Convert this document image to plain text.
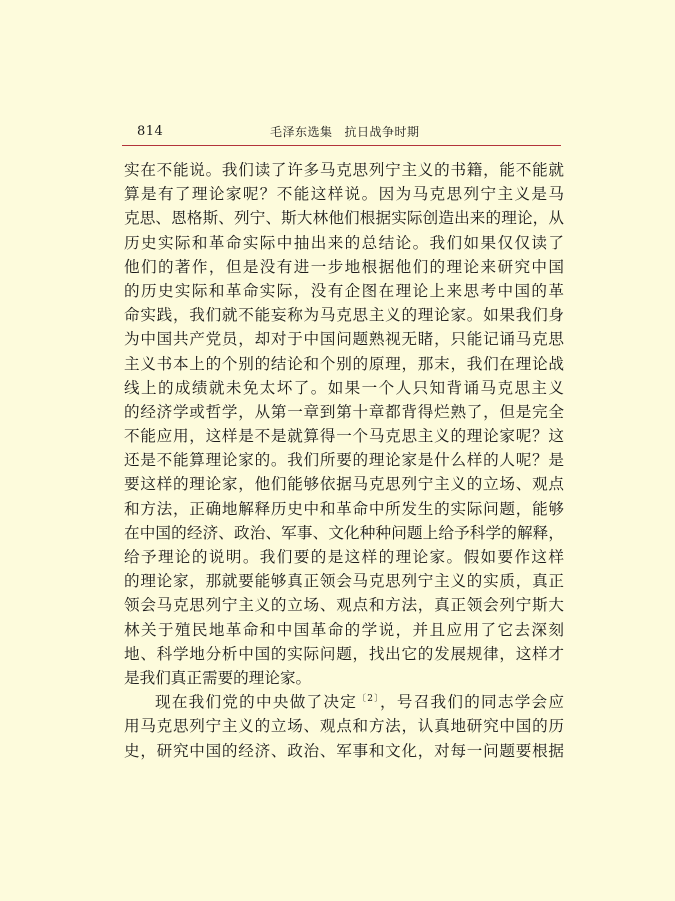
814	毛泽东选集 抗日战争时期
实在不能说。我们读了许多马克思列宁主义的书籍，能不能就
算是有了理论家呢？不能这样说。因为马克思列宁主义是马
克思、恩格斯、列宁、斯大林他们根据实际创造出来的理论，从
历史实际和革命实际中抽出来的总结论。我们如果仅仅读了
他们的著作，但是没有进一步地根据他们的理论来研究中国
的历史实际和革命实际，没有企图在理论上来思考中国的革
命实践，我们就不能妄称为马克思主义的理论家。如果我们身
为中国共产党员，却对于中国问题熟视无睹，只能记诵马克思
主义书本上的个别的结论和个别的原理，那末，我们在理论战
线上的成绩就未免太坏了。如果一个人只知背诵马克思主义
的经济学或哲学，从第一章到第十章都背得烂熟了，但是完全
不能应用，这样是不是就算得一个马克思主义的理论家呢？这
还是不能算理论家的。我们所要的理论家是什么样的人呢？是
要这样的理论家，他们能够依据马克思列宁主义的立场、观点
和方法，正确地解释历史中和革命中所发生的实际问题，能够
在中国的经济、政治、军事、文化种种问题上给予科学的解释，
给予理论的说明。我们要的是这样的理论家。假如要作这样
的理论家，那就要能够真正领会马克思列宁主义的实质，真正
领会马克思列宁主义的立场、观点和方法，真正领会列宁斯大
林关于殖民地革命和中国革命的学说，并且应用了它去深刻
地、科学地分析中国的实际问题，找出它的发展规律，这样才
是我们真正需要的理论家。
现在我们党的中央做了决定$^{〔2〕}$，号召我们的同志学会应
用马克思列宁主义的立场、观点和方法，认真地研究中国的历
史，研究中国的经济、政治、军事和文化，对每一问题要根据
